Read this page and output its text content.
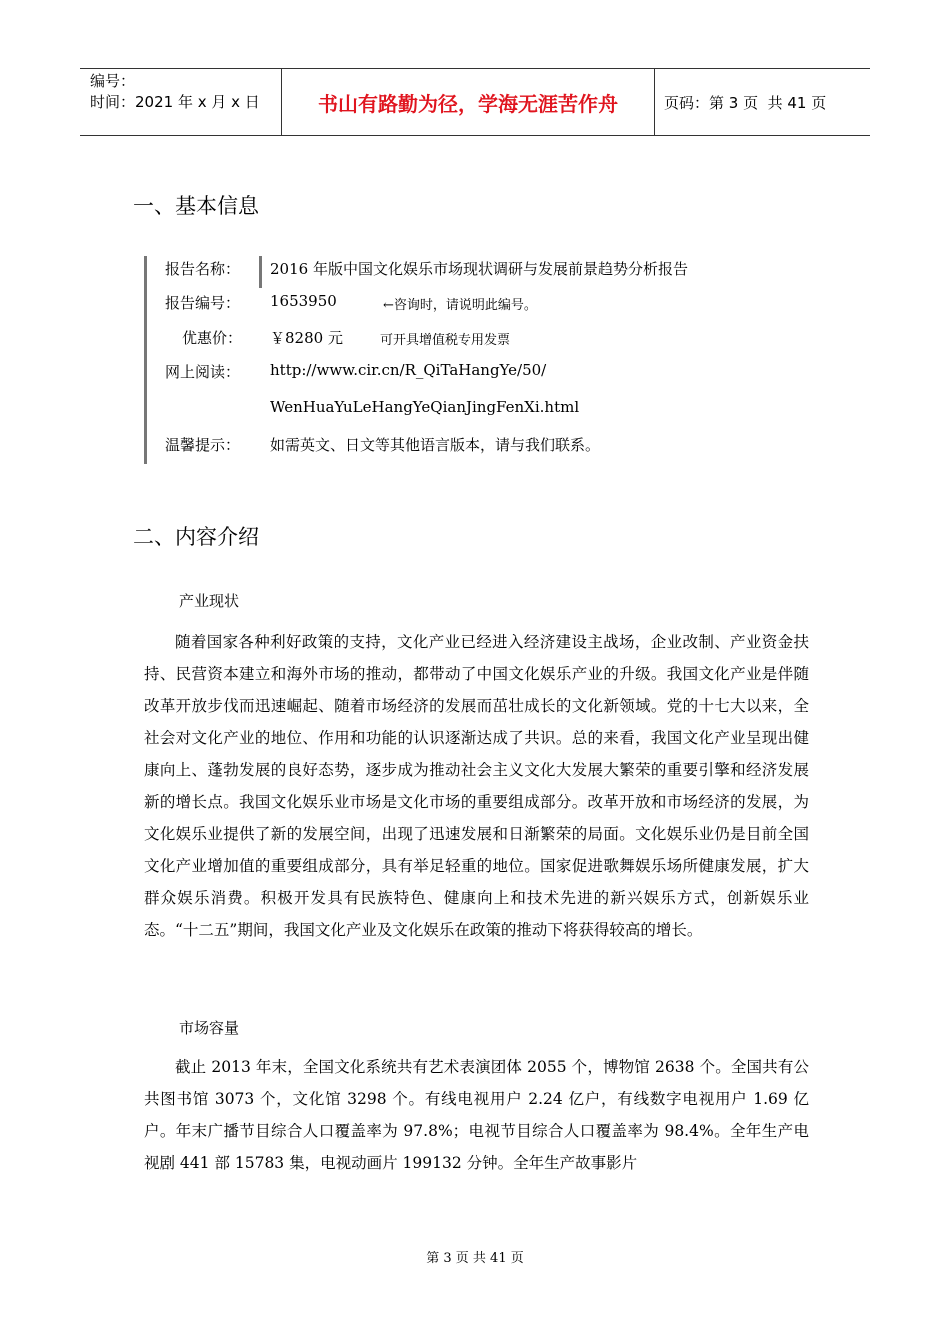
编号：
时间：2021 年 x 月 x 日	书山有路勤为径，学海无涯苦作舟	页码：第 3 页  共 41 页
一、基本信息
报告名称： 2016 年版中国文化娱乐市场现状调研与发展前景趋势分析报告
报告编号： 1653950	←咨询时，请说明此编号。
优惠价： ￥8280 元	可开具增值税专用发票
网上阅读： http://www.cir.cn/R_QiTaHangYe/50/
WenHuaYuLeHangYeQianJingFenXi.html
温馨提示： 如需英文、日文等其他语言版本，请与我们联系。
二、内容介绍
产业现状
随着国家各种利好政策的支持，文化产业已经进入经济建设主战场，企业改制、产业资金扶持、民营资本建立和海外市场的推动，都带动了中国文化娱乐产业的升级。我国文化产业是伴随改革开放步伐而迅速崛起、随着市场经济的发展而茁壮成长的文化新领域。党的十七大以来，全社会对文化产业的地位、作用和功能的认识逐渐达成了共识。总的来看，我国文化产业呈现出健康向上、蓬勃发展的良好态势，逐步成为推动社会主义文化大发展大繁荣的重要引擎和经济发展新的增长点。我国文化娱乐业市场是文化市场的重要组成部分。改革开放和市场经济的发展，为文化娱乐业提供了新的发展空间，出现了迅速发展和日渐繁荣的局面。文化娱乐业仍是目前全国文化产业增加值的重要组成部分，具有举足轻重的地位。国家促进歌舞娱乐场所健康发展，扩大群众娱乐消费。积极开发具有民族特色、健康向上和技术先进的新兴娱乐方式，创新娱乐业态。“十二五”期间，我国文化产业及文化娱乐在政策的推动下将获得较高的增长。
市场容量
截止 2013 年末，全国文化系统共有艺术表演团体 2055 个，博物馆 2638 个。全国共有公共图书馆 3073 个，文化馆 3298 个。有线电视用户 2.24 亿户，有线数字电视用户 1.69 亿户。年末广播节目综合人口覆盖率为 97.8%；电视节目综合人口覆盖率为 98.4%。全年生产电视剧 441 部 15783 集，电视动画片 199132 分钟。全年生产故事影片
第 3 页 共 41 页
